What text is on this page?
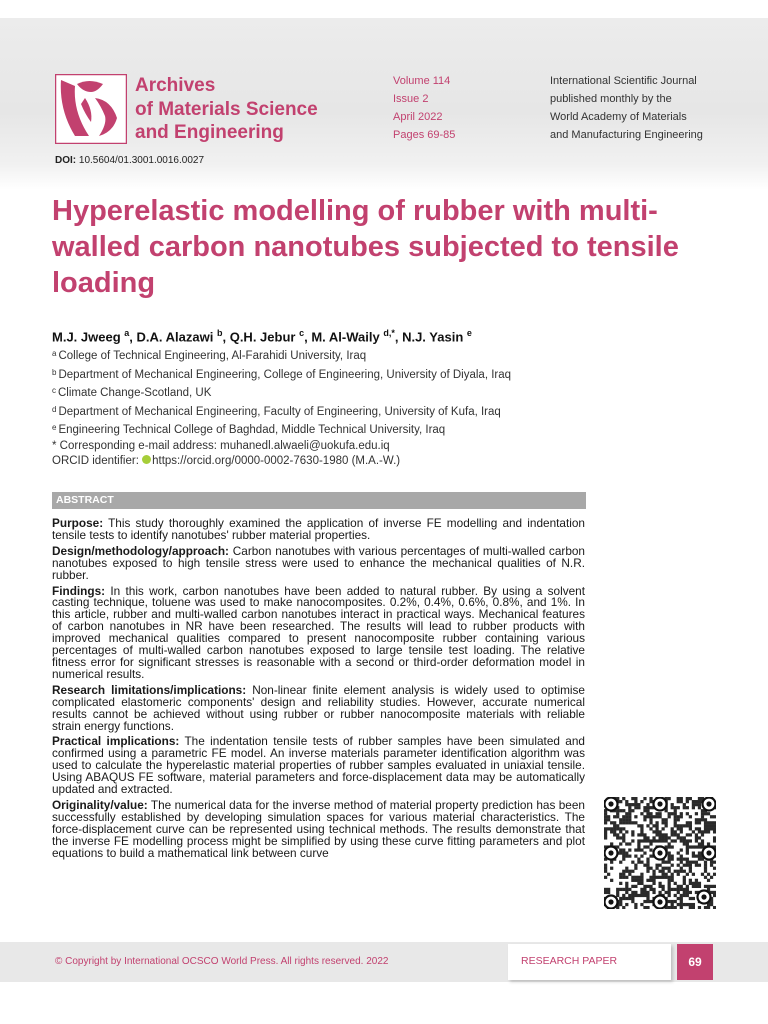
Archives
of Materials Science
and Engineering
Volume 114
Issue 2
April 2022
Pages 69-85
International Scientific Journal
published monthly by the
World Academy of Materials
and Manufacturing Engineering
DOI: 10.5604/01.3001.0016.0027
Hyperelastic modelling of rubber with multi-walled carbon nanotubes subjected to tensile loading
M.J. Jweeg $^a$, D.A. Alazawi $^b$, Q.H. Jebur $^c$, M. Al-Waily $^{d,*}$, N.J. Yasin $^e$
$^a$ College of Technical Engineering, Al-Farahidi University, Iraq
$^b$ Department of Mechanical Engineering, College of Engineering, University of Diyala, Iraq
$^c$ Climate Change-Scotland, UK
$^d$ Department of Mechanical Engineering, Faculty of Engineering, University of Kufa, Iraq
$^e$ Engineering Technical College of Baghdad, Middle Technical University, Iraq
* Corresponding e-mail address: muhanedl.alwaeli@uokufa.edu.iq
ORCID identifier: https://orcid.org/0000-0002-7630-1980 (M.A.-W.)
ABSTRACT

Purpose: This study thoroughly examined the application of inverse FE modelling and indentation tensile tests to identify nanotubes' rubber material properties.

Design/methodology/approach: Carbon nanotubes with various percentages of multi-walled carbon nanotubes exposed to high tensile stress were used to enhance the mechanical qualities of N.R. rubber.

Findings: In this work, carbon nanotubes have been added to natural rubber. By using a solvent casting technique, toluene was used to make nanocomposites. 0.2%, 0.4%, 0.6%, 0.8%, and 1%. In this article, rubber and multi-walled carbon nanotubes interact in practical ways. Mechanical features of carbon nanotubes in NR have been researched. The results will lead to rubber products with improved mechanical qualities compared to present nanocomposite rubber containing various percentages of multi-walled carbon nanotubes exposed to large tensile test loading. The relative fitness error for significant stresses is reasonable with a second or third-order deformation model in numerical results.

Research limitations/implications: Non-linear finite element analysis is widely used to optimise complicated elastomeric components' design and reliability studies. However, accurate numerical results cannot be achieved without using rubber or rubber nanocomposite materials with reliable strain energy functions.

Practical implications: The indentation tensile tests of rubber samples have been simulated and confirmed using a parametric FE model. An inverse materials parameter identification algorithm was used to calculate the hyperelastic material properties of rubber samples evaluated in uniaxial tensile. Using ABAQUS FE software, material parameters and force-displacement data may be automatically updated and extracted.

Originality/value: The numerical data for the inverse method of material property prediction has been successfully established by developing simulation spaces for various material characteristics. The force-displacement curve can be represented using technical methods. The results demonstrate that the inverse FE modelling process might be simplified by using these curve fitting parameters and plot equations to build a mathematical link between curve

© Copyright by International OCSCO World Press. All rights reserved. 2022	RESEARCH PAPER	69
